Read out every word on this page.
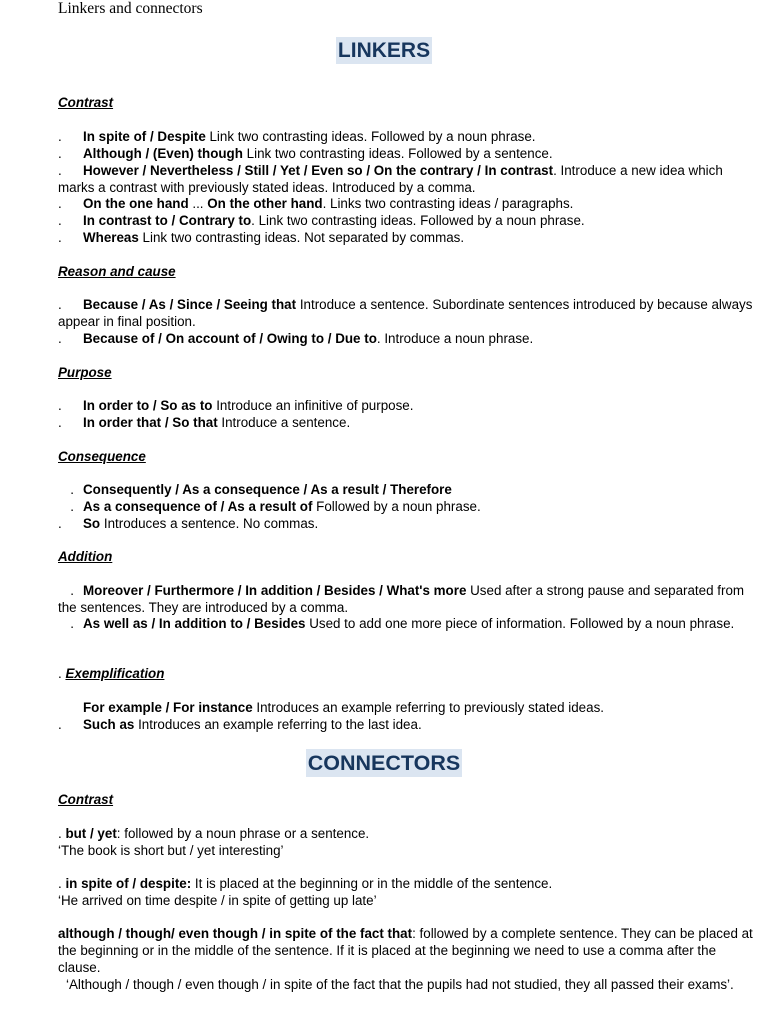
Linkers and connectors
LINKERS
Contrast
. In spite of / Despite Link two contrasting ideas. Followed by a noun phrase.
. Although / (Even) though Link two contrasting ideas. Followed by a sentence.
. However / Nevertheless / Still / Yet / Even so / On the contrary / In contrast. Introduce a new idea which marks a contrast with previously stated ideas. Introduced by a comma.
. On the one hand ... On the other hand. Links two contrasting ideas / paragraphs.
. In contrast to / Contrary to. Link two contrasting ideas. Followed by a noun phrase.
. Whereas Link two contrasting ideas. Not separated by commas.
Reason and cause
. Because / As / Since / Seeing that Introduce a sentence. Subordinate sentences introduced by because always appear in final position.
. Because of / On account of / Owing to / Due to. Introduce a noun phrase.
Purpose
. In order to / So as to Introduce an infinitive of purpose.
. In order that / So that Introduce a sentence.
Consequence
. Consequently / As a consequence / As a result / Therefore
. As a consequence of / As a result of Followed by a noun phrase.
. So Introduces a sentence. No commas.
Addition
. Moreover / Furthermore / In addition / Besides / What's more Used after a strong pause and separated from the sentences. They are introduced by a comma.
. As well as / In addition to / Besides Used to add one more piece of information. Followed by a noun phrase.
. Exemplification
For example / For instance Introduces an example referring to previously stated ideas.
. Such as Introduces an example referring to the last idea.
CONNECTORS
Contrast
. but / yet: followed by a noun phrase or a sentence.
‘The book is short but / yet interesting’
. in spite of / despite: It is placed at the beginning or in the middle of the sentence.
‘He arrived on time despite / in spite of getting up late’
although / though/ even though / in spite of the fact that: followed by a complete sentence. They can be placed at the beginning or in the middle of the sentence. If it is placed at the beginning we need to use a comma after the clause.
‘Although / though / even though / in spite of the fact that the pupils had not studied, they all passed their exams’.
